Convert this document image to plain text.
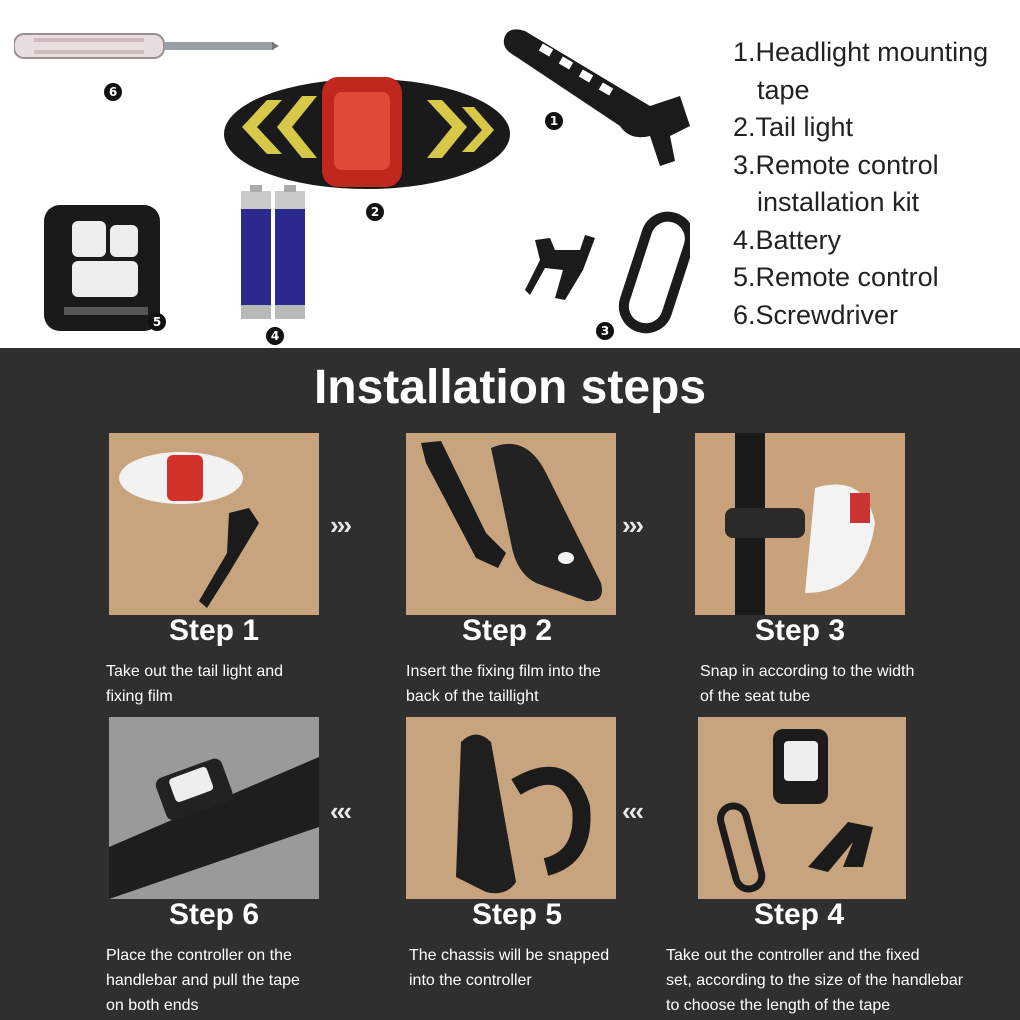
6
2
1
5
4	3
1.Headlight mounting
tape
2.Tail light
3.Remote control
installation kit
4.Battery
5.Remote control
6.Screwdriver
Installation steps
›››	›››
Step 1	Step 2	Step 3
Take out the tail light and
fixing film
Insert the fixing film into the
back of the taillight
Snap in according to the width
of the seat tube
‹‹‹	‹‹‹
Step 6	Step 5	Step 4
Place the controller on the
handlebar and pull the tape
on both ends
The chassis will be snapped
into the controller
Take out the controller and the fixed
set, according to the size of the handlebar
to choose the length of the tape
